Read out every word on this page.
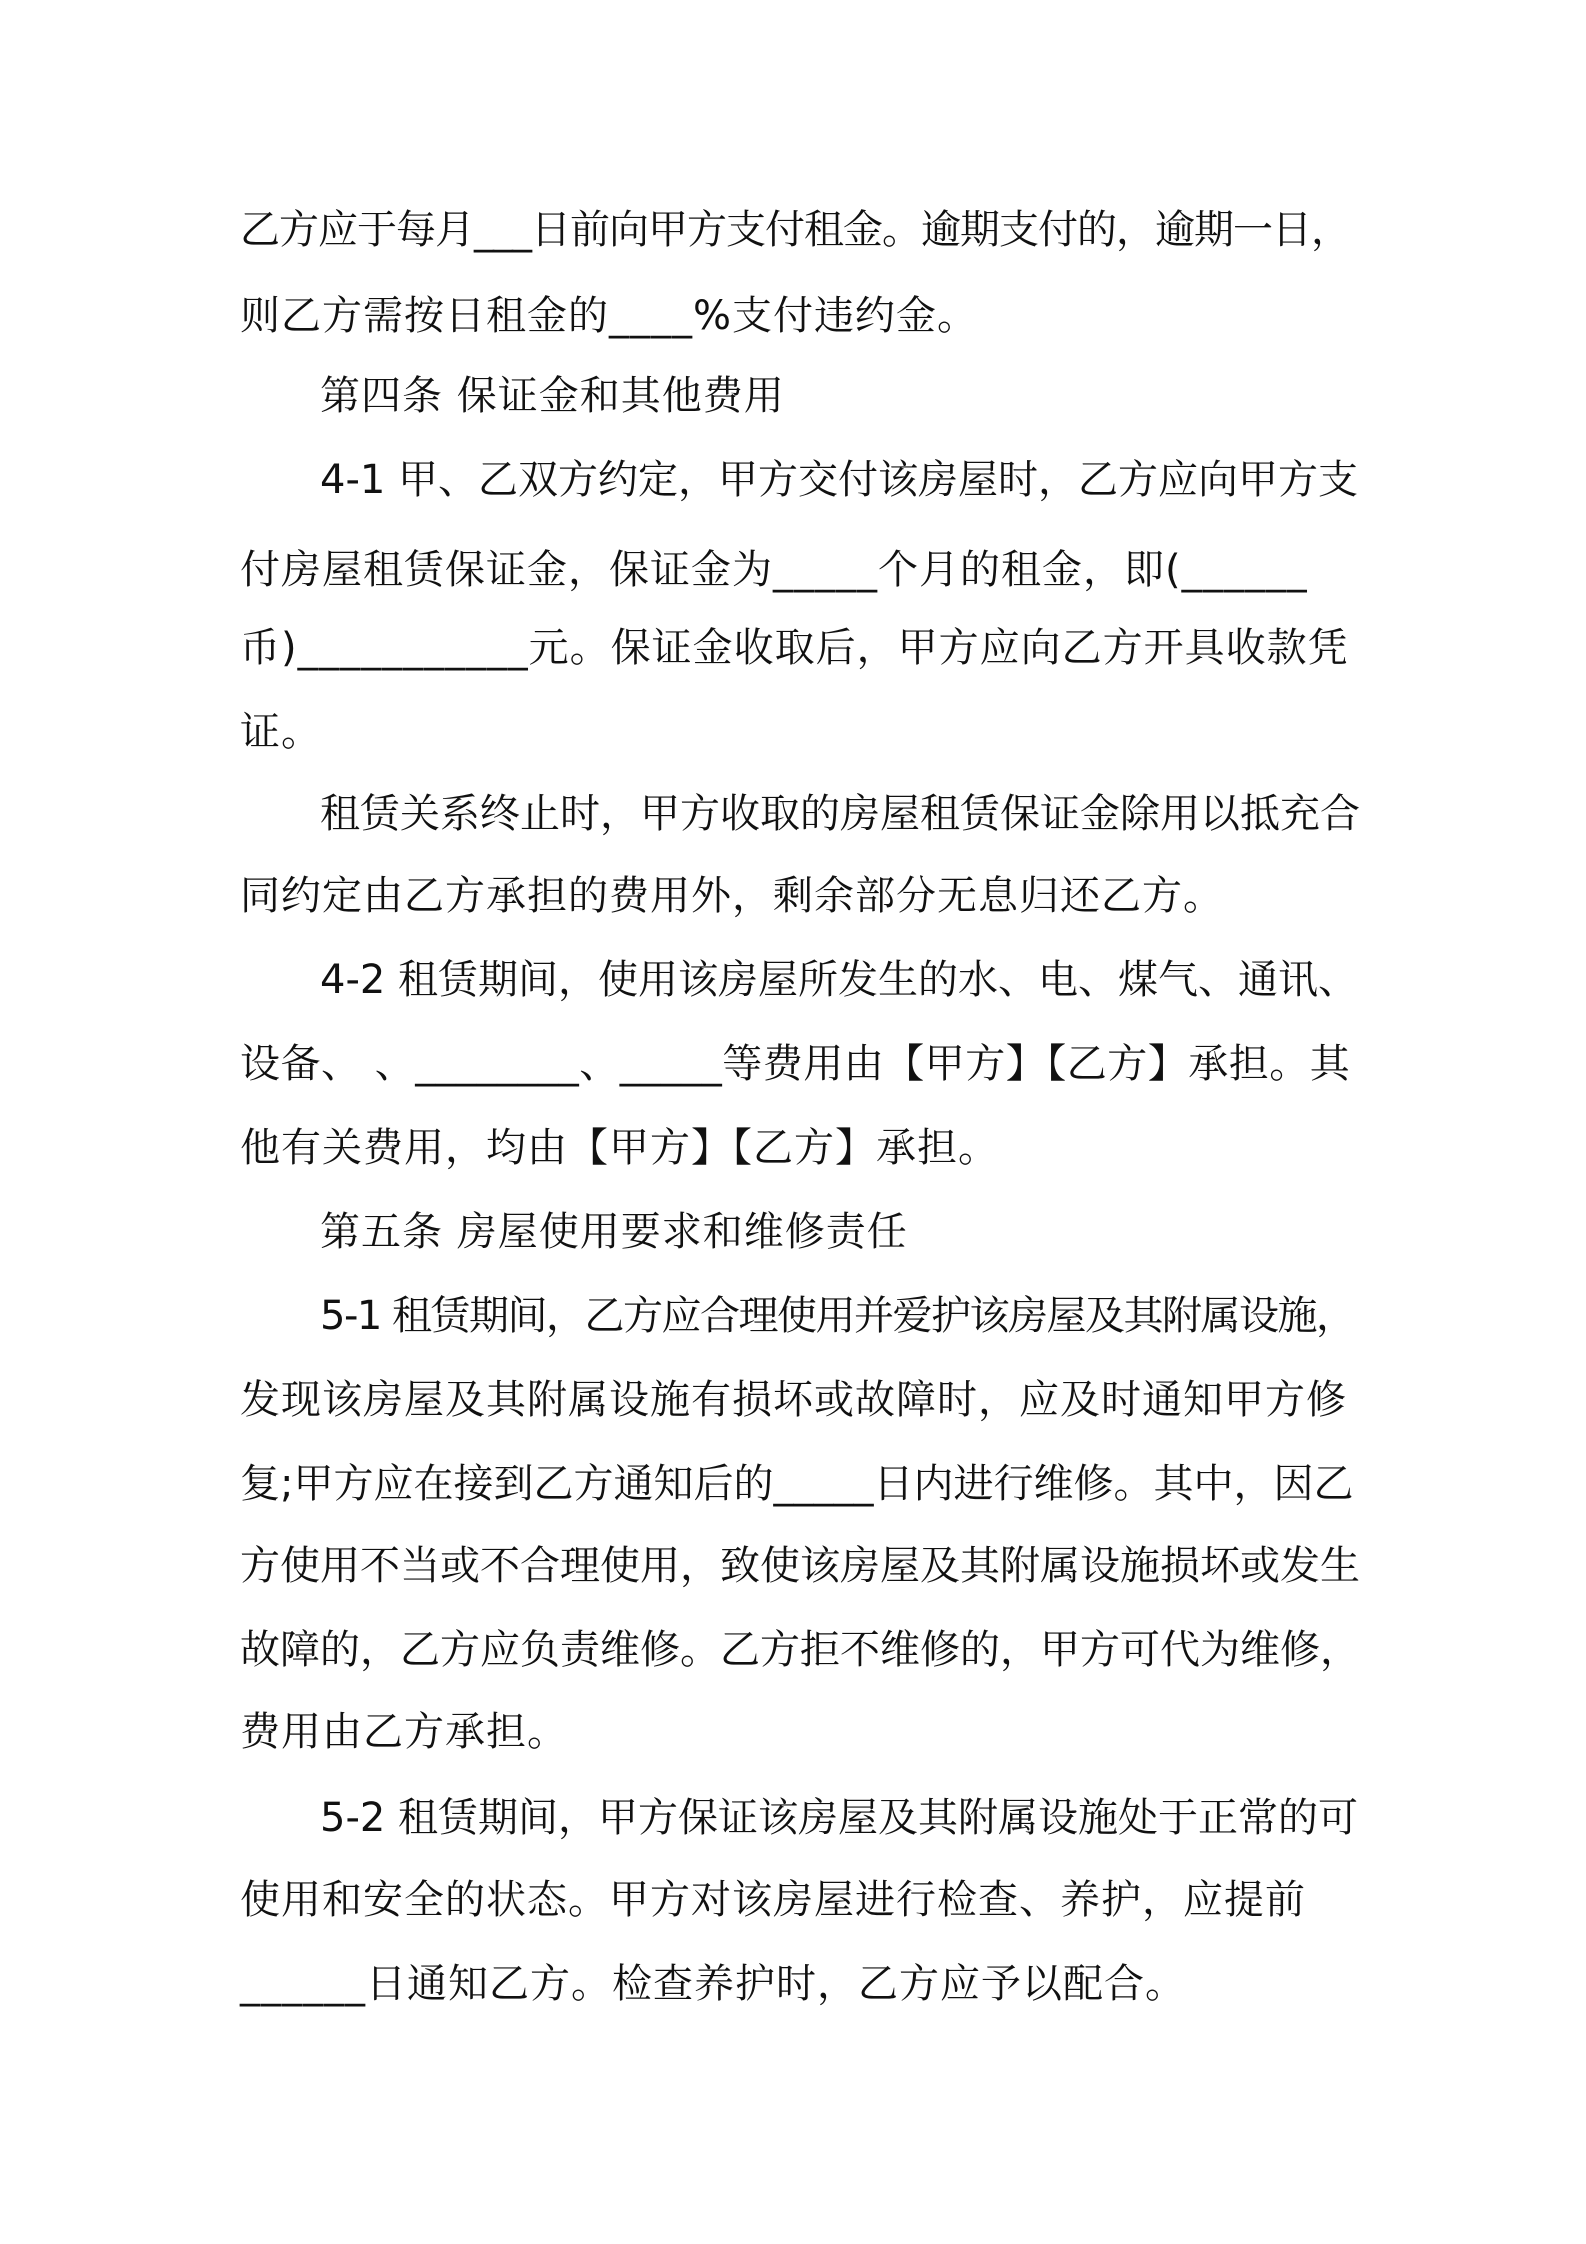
乙方应于每月___日前向甲方支付租金。逾期支付的，逾期一日，
则乙方需按日租金的____%支付违约金。
第四条 保证金和其他费用
4-1 甲、乙双方约定，甲方交付该房屋时，乙方应向甲方支
付房屋租赁保证金，保证金为_____个月的租金，即(______
币)___________元。保证金收取后，甲方应向乙方开具收款凭
证。
租赁关系终止时，甲方收取的房屋租赁保证金除用以抵充合
同约定由乙方承担的费用外，剩余部分无息归还乙方。
4-2 租赁期间，使用该房屋所发生的水、电、煤气、通讯、
设备、 、________、_____等费用由【甲方】【乙方】承担。其
他有关费用，均由【甲方】【乙方】承担。
第五条 房屋使用要求和维修责任
5-1 租赁期间，乙方应合理使用并爱护该房屋及其附属设施，
发现该房屋及其附属设施有损坏或故障时，应及时通知甲方修
复;甲方应在接到乙方通知后的_____日内进行维修。其中，因乙
方使用不当或不合理使用，致使该房屋及其附属设施损坏或发生
故障的，乙方应负责维修。乙方拒不维修的，甲方可代为维修，
费用由乙方承担。
5-2 租赁期间，甲方保证该房屋及其附属设施处于正常的可
使用和安全的状态。甲方对该房屋进行检查、养护，应提前
______日通知乙方。检查养护时，乙方应予以配合。
